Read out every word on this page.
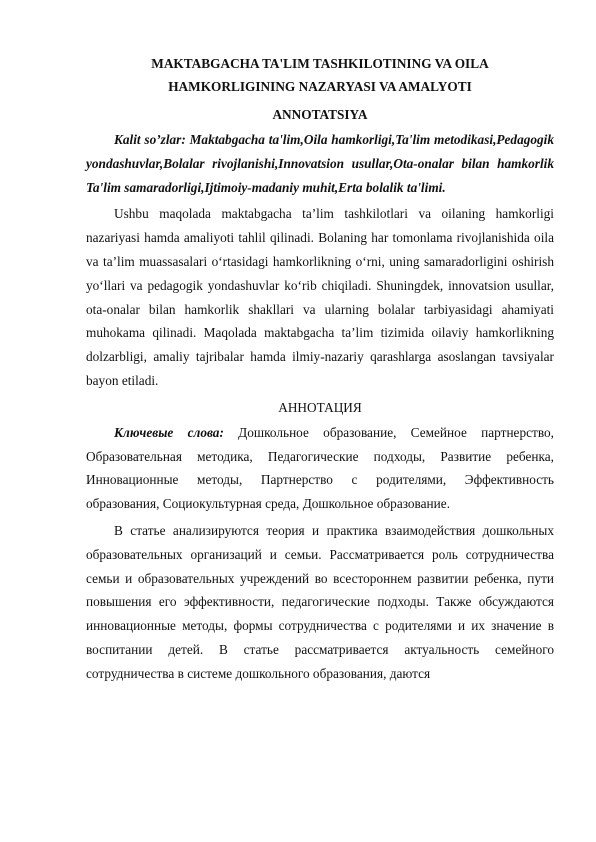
MAKTABGACHA TA'LIM TASHKILOTINING VA OILA

HAMKORLIGINING NAZARYASI VA AMALYOTI

ANNOTATSIYA

Kalit so’zlar: Maktabgacha ta'lim,Oila hamkorligi,Ta'lim metodikasi,Pedagogik yondashuvlar,Bolalar rivojlanishi,Innovatsion usullar,Ota-onalar bilan hamkorlik Ta'lim samaradorligi,Ijtimoiy-madaniy muhit,Erta bolalik ta'limi.

Ushbu maqolada maktabgacha ta’lim tashkilotlari va oilaning hamkorligi nazariyasi hamda amaliyoti tahlil qilinadi. Bolaning har tomonlama rivojlanishida oila va ta’lim muassasalari o‘rtasidagi hamkorlikning o‘rni, uning samaradorligini oshirish yo‘llari va pedagogik yondashuvlar ko‘rib chiqiladi. Shuningdek, innovatsion usullar, ota-onalar bilan hamkorlik shakllari va ularning bolalar tarbiyasidagi ahamiyati muhokama qilinadi. Maqolada maktabgacha ta’lim tizimida oilaviy hamkorlikning dolzarbligi, amaliy tajribalar hamda ilmiy-nazariy qarashlarga asoslangan tavsiyalar bayon etiladi.

АННОТАЦИЯ

Ключевые слова: Дошкольное образование, Семейное партнерство, Образовательная методика, Педагогические подходы, Развитие ребенка, Инновационные методы, Партнерство с родителями, Эффективность образования, Социокультурная среда, Дошкольное образование.

В статье анализируются теория и практика взаимодействия дошкольных образовательных организаций и семьи. Рассматривается роль сотрудничества семьи и образовательных учреждений во всестороннем развитии ребенка, пути повышения его эффективности, педагогические подходы. Также обсуждаются инновационные методы, формы сотрудничества с родителями и их значение в воспитании детей. В статье рассматривается актуальность семейного сотрудничества в системе дошкольного образования, даются
